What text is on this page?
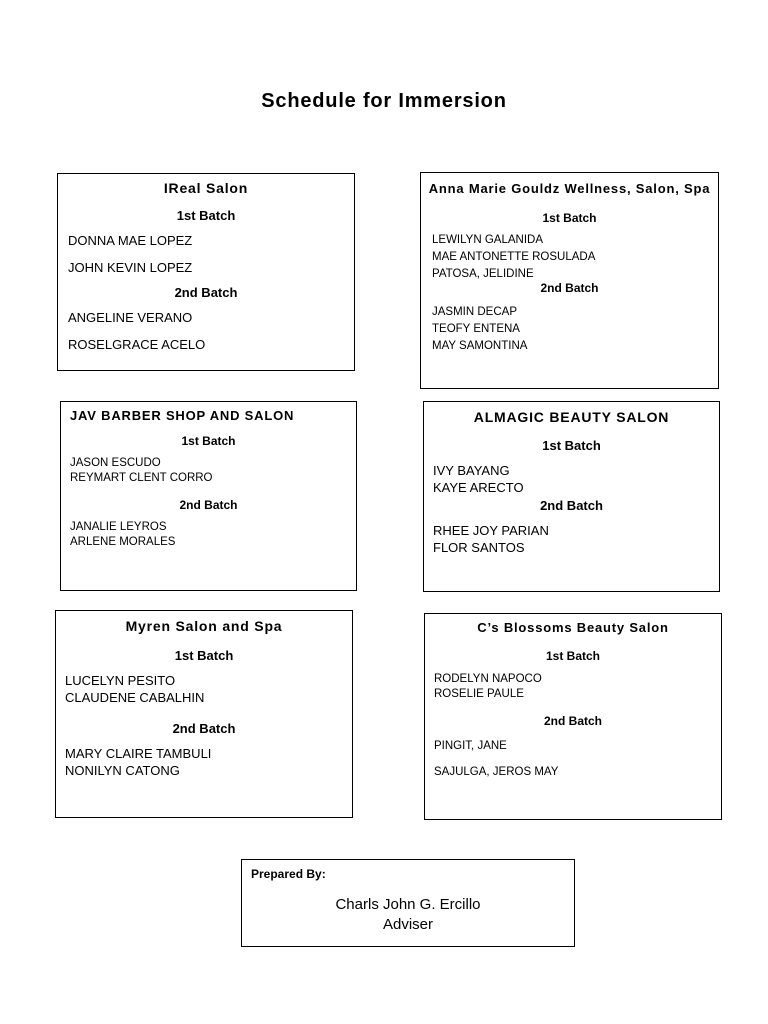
Schedule for Immersion
IReal Salon
1st Batch
DONNA MAE LOPEZ
JOHN KEVIN LOPEZ
2nd Batch
ANGELINE VERANO
ROSELGRACE ACELO
Anna Marie Gouldz Wellness, Salon, Spa
1st Batch
LEWILYN GALANIDA
MAE ANTONETTE ROSULADA
PATOSA, JELIDINE
2nd Batch
JASMIN DECAP
TEOFY ENTENA
MAY SAMONTINA
JAV BARBER SHOP AND SALON
1st Batch
JASON ESCUDO
REYMART CLENT CORRO
2nd Batch
JANALIE LEYROS
ARLENE MORALES
ALMAGIC BEAUTY SALON
1st Batch
IVY BAYANG
KAYE ARECTO
2nd Batch
RHEE JOY PARIAN
FLOR SANTOS
Myren Salon and Spa
1st Batch
LUCELYN PESITO
CLAUDENE CABALHIN
2nd Batch
MARY CLAIRE TAMBULI
NONILYN CATONG
C’s Blossoms Beauty Salon
1st Batch
RODELYN NAPOCO
ROSELIE PAULE
2nd Batch
PINGIT, JANE
SAJULGA, JEROS MAY
Prepared By:
Charls John G. Ercillo
Adviser
